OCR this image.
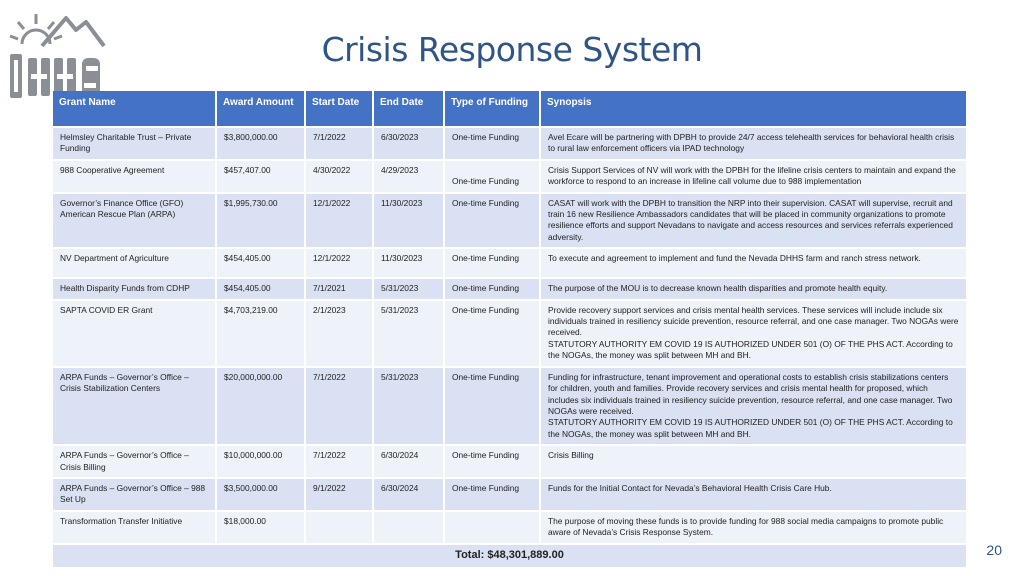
Crisis Response System
Grant Name	Award Amount	Start Date	End Date	Type of Funding	Synopsis
Helmsley Charitable Trust – Private Funding	$3,800,000.00	7/1/2022	6/30/2023	One-time Funding	Avel Ecare will be partnering with DPBH to provide 24/7 access telehealth services for behavioral health crisis to rural law enforcement officers via IPAD technology
988 Cooperative Agreement	$457,407.00	4/30/2022	4/29/2023	One-time Funding	Crisis Support Services of NV will work with the DPBH for the lifeline crisis centers to maintain and expand the workforce to respond to an increase in lifeline call volume due to 988 implementation
Governor’s Finance Office (GFO) American Rescue Plan (ARPA)	$1,995,730.00	12/1/2022	11/30/2023	One-time Funding	CASAT will work with the DPBH to transition the NRP into their supervision. CASAT will supervise, recruit and train 16 new Resilience Ambassadors candidates that will be placed in community organizations to promote resilience efforts and support Nevadans to navigate and access resources and services referrals experienced adversity.
NV Department of Agriculture	$454,405.00	12/1/2022	11/30/2023	One-time Funding	To execute and agreement to implement and fund the Nevada DHHS farm and ranch stress network.
Health Disparity Funds from CDHP	$454,405.00	7/1/2021	5/31/2023	One-time Funding	The purpose of the MOU is to decrease known health disparities and promote health equity.
SAPTA COVID ER Grant	$4,703,219.00	2/1/2023	5/31/2023	One-time Funding	Provide recovery support services and crisis mental health services. These services will include include six individuals trained in resiliency suicide prevention, resource referral, and one case manager. Two NOGAs were received.
STATUTORY AUTHORITY EM COVID 19 IS AUTHORIZED UNDER 501 (O) OF THE PHS ACT. According to the NOGAs, the money was split between MH and BH.

ARPA Funds – Governor’s Office – Crisis Stabilization Centers	$20,000,000.00	7/1/2022	5/31/2023	One-time Funding	Funding for infrastructure, tenant improvement and operational costs to establish crisis stabilizations centers for children, youth and families. Provide recovery services and crisis mental health for proposed, which includes six individuals trained in resiliency suicide prevention, resource referral, and one case manager. Two NOGAs were received.
STATUTORY AUTHORITY EM COVID 19 IS AUTHORIZED UNDER 501 (O) OF THE PHS ACT. According to the NOGAs, the money was split between MH and BH.

ARPA Funds – Governor’s Office – Crisis Billing	$10,000,000.00	7/1/2022	6/30/2024	One-time Funding	Crisis Billing
ARPA Funds – Governor’s Office – 988 Set Up	$3,500,000.00	9/1/2022	6/30/2024	One-time Funding	Funds for the Initial Contact for Nevada’s Behavioral Health Crisis Care Hub.
Transformation Transfer Initiative	$18,000.00				The purpose of moving these funds is to provide funding for 988 social media campaigns to promote public aware of Nevada’s Crisis Response System.
Total: $48,301,889.00						20
